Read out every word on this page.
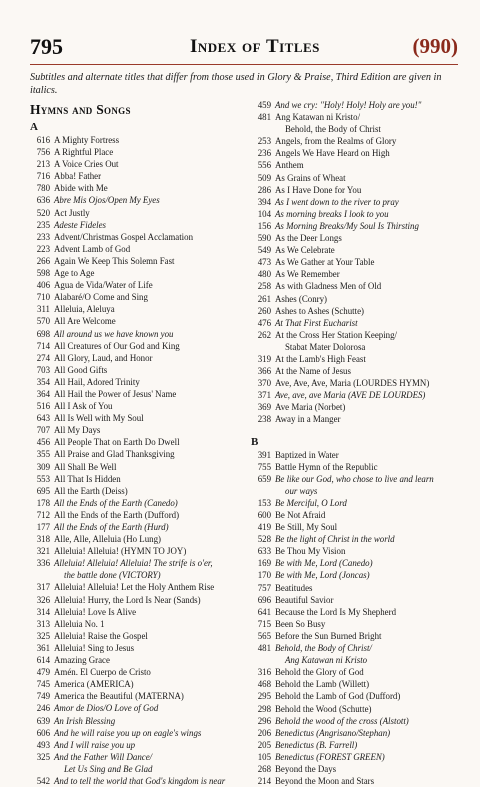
795	Index of Titles	(990)
Subtitles and alternate titles that differ from those used in Glory & Praise, Third Edition are given in italics.
Hymns and Songs
A
616 A Mighty Fortress
756 A Rightful Place
213 A Voice Cries Out
716 Abba! Father
780 Abide with Me
636 Abre Mis Ojos/Open My Eyes
520 Act Justly
235 Adeste Fideles
233 Advent/Christmas Gospel Acclamation
223 Advent Lamb of God
266 Again We Keep This Solemn Fast
598 Age to Age
406 Agua de Vida/Water of Life
710 Alabaré/O Come and Sing
311 Alleluia, Aleluya
570 All Are Welcome
698 All around us we have known you
714 All Creatures of Our God and King
274 All Glory, Laud, and Honor
703 All Good Gifts
354 All Hail, Adored Trinity
364 All Hail the Power of Jesus' Name
516 All I Ask of You
643 All Is Well with My Soul
707 All My Days
456 All People That on Earth Do Dwell
355 All Praise and Glad Thanksgiving
309 All Shall Be Well
553 All That Is Hidden
695 All the Earth (Deiss)
178 All the Ends of the Earth (Canedo)
712 All the Ends of the Earth (Dufford)
177 All the Ends of the Earth (Hurd)
318 Alle, Alle, Alleluia (Ho Lung)
321 Alleluia! Alleluia! (HYMN TO JOY)
336 Alleluia! Alleluia! Alleluia! The strife is o'er,
the battle done (VICTORY)
317 Alleluia! Alleluia! Let the Holy Anthem Rise
326 Alleluia! Hurry, the Lord Is Near (Sands)
314 Alleluia! Love Is Alive
313 Alleluia No. 1
325 Alleluia! Raise the Gospel
361 Alleluia! Sing to Jesus
614 Amazing Grace
479 Amén. El Cuerpo de Cristo
745 America (AMERICA)
749 America the Beautiful (MATERNA)
246 Amor de Dios/O Love of God
639 An Irish Blessing
606 And he will raise you up on eagle's wings
493 And I will raise you up
325 And the Father Will Dance/
Let Us Sing and Be Glad
542 And to tell the world that God's kingdom is near
459 And we cry: "Holy! Holy! Holy are you!"
481 Ang Katawan ni Kristo/
Behold, the Body of Christ
253 Angels, from the Realms of Glory
236 Angels We Have Heard on High
556 Anthem
509 As Grains of Wheat
286 As I Have Done for You
394 As I went down to the river to pray
104 As morning breaks I look to you
156 As Morning Breaks/My Soul Is Thirsting
590 As the Deer Longs
549 As We Celebrate
473 As We Gather at Your Table
480 As We Remember
258 As with Gladness Men of Old
261 Ashes (Conry)
260 Ashes to Ashes (Schutte)
476 At That First Eucharist
262 At the Cross Her Station Keeping/
Stabat Mater Dolorosa
319 At the Lamb's High Feast
366 At the Name of Jesus
370 Ave, Ave, Ave, Maria (LOURDES HYMN)
371 Ave, ave, ave Maria (AVE DE LOURDES)
369 Ave Maria (Norbet)
238 Away in a Manger
B
391 Baptized in Water
755 Battle Hymn of the Republic
659 Be like our God, who chose to live and learn
our ways
153 Be Merciful, O Lord
600 Be Not Afraid
419 Be Still, My Soul
528 Be the light of Christ in the world
633 Be Thou My Vision
169 Be with Me, Lord (Canedo)
170 Be with Me, Lord (Joncas)
757 Beatitudes
696 Beautiful Savior
641 Because the Lord Is My Shepherd
715 Been So Busy
565 Before the Sun Burned Bright
481 Behold, the Body of Christ/
Ang Katawan ni Kristo
316 Behold the Glory of God
468 Behold the Lamb (Willett)
295 Behold the Lamb of God (Dufford)
298 Behold the Wood (Schutte)
296 Behold the wood of the cross (Alstott)
206 Benedictus (Angrisano/Stephan)
205 Benedictus (B. Farrell)
105 Benedictus (FOREST GREEN)
268 Beyond the Days
214 Beyond the Moon and Stars
